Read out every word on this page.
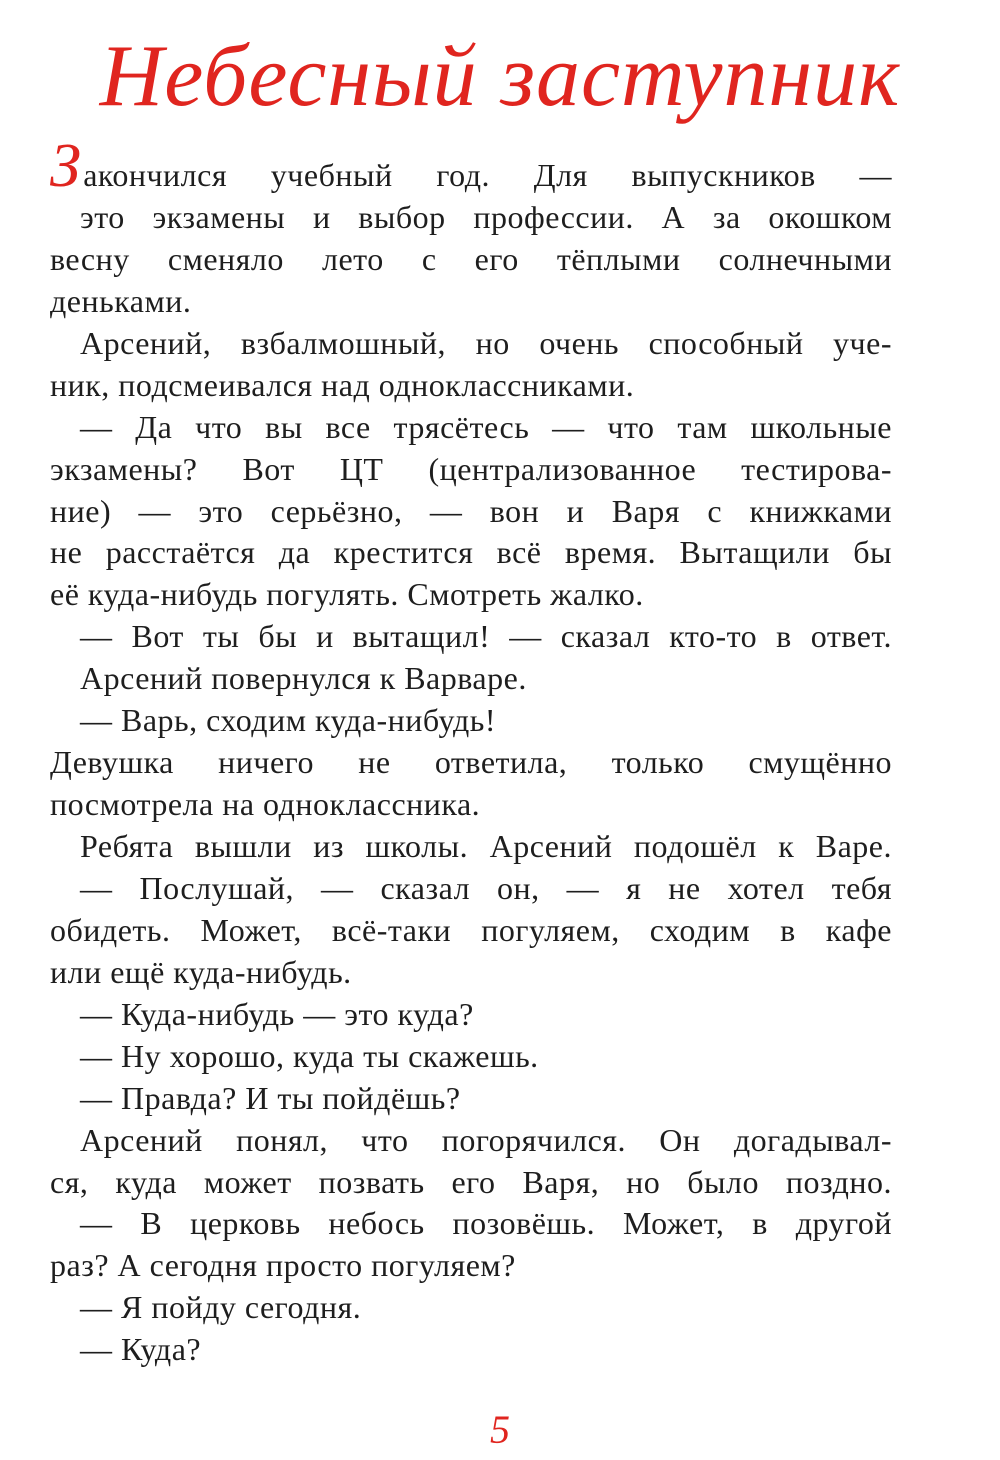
Небесный заступник
Закончился учебный год. Для выпускников —
это экзамены и выбор профессии. А за окошком
весну сменяло лето с его тёплыми солнечными
деньками.
Арсений, взбалмошный, но очень способный уче-
ник, подсмеивался над одноклассниками.
— Да что вы все трясётесь — что там школьные
экзамены? Вот ЦТ (централизованное тестирова-
ние) — это серьёзно, — вон и Варя с книжками
не расстаётся да крестится всё время. Вытащили бы
её куда-нибудь погулять. Смотреть жалко.
— Вот ты бы и вытащил! — сказал кто-то в ответ.
Арсений повернулся к Варваре.
— Варь, сходим куда-нибудь!
Девушка ничего не ответила, только смущённо
посмотрела на одноклассника.
Ребята вышли из школы. Арсений подошёл к Варе.
— Послушай, — сказал он, — я не хотел тебя
обидеть. Может, всё-таки погуляем, сходим в кафе
или ещё куда-нибудь.
— Куда-нибудь — это куда?
— Ну хорошо, куда ты скажешь.
— Правда? И ты пойдёшь?
Арсений понял, что погорячился. Он догадывал-
ся, куда может позвать его Варя, но было поздно.
— В церковь небось позовёшь. Может, в другой
раз? А сегодня просто погуляем?
— Я пойду сегодня.
— Куда?
5
